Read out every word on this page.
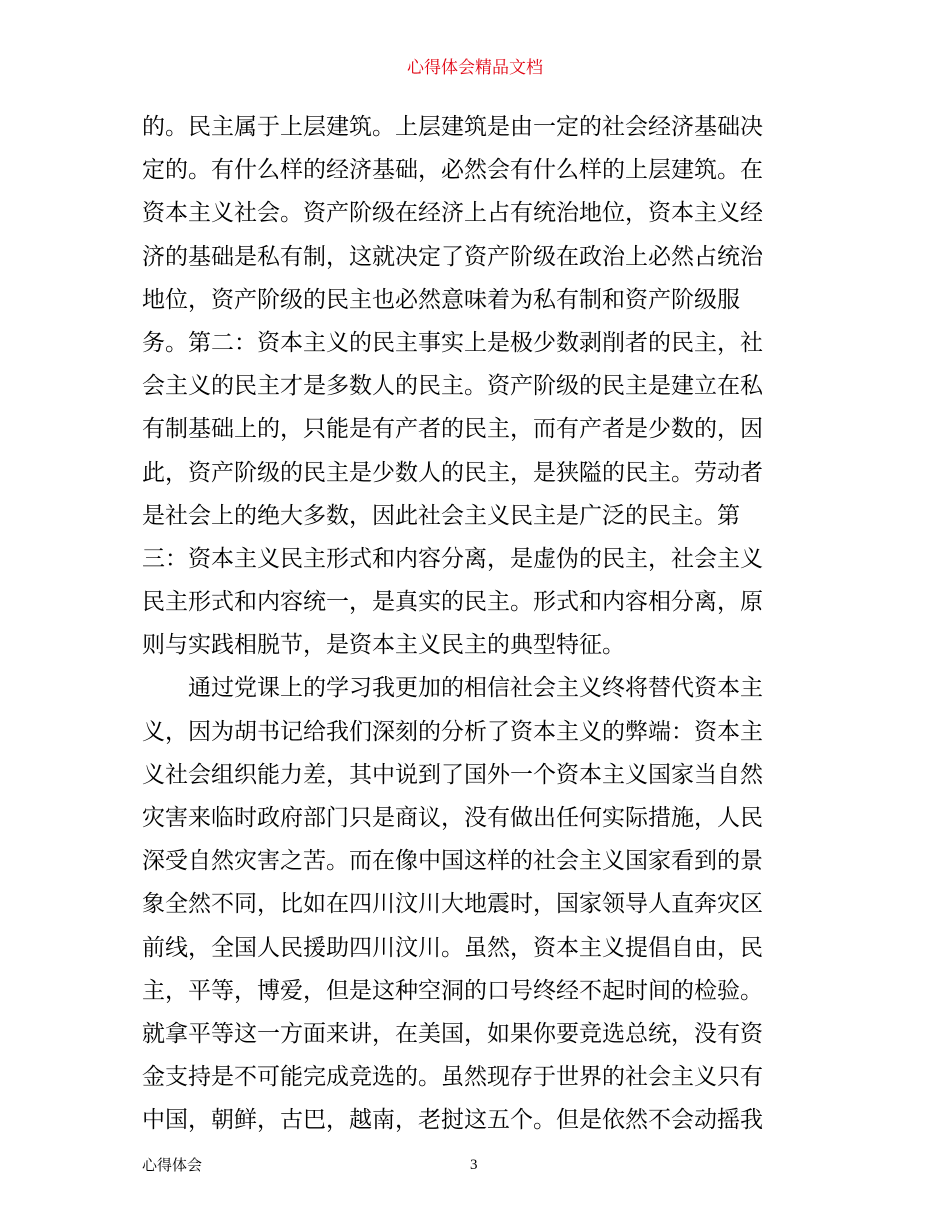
心得体会精品文档
的。民主属于上层建筑。上层建筑是由一定的社会经济基础决
定的。有什么样的经济基础，必然会有什么样的上层建筑。在
资本主义社会。资产阶级在经济上占有统治地位，资本主义经
济的基础是私有制，这就决定了资产阶级在政治上必然占统治
地位，资产阶级的民主也必然意味着为私有制和资产阶级服
务。第二：资本主义的民主事实上是极少数剥削者的民主，社
会主义的民主才是多数人的民主。资产阶级的民主是建立在私
有制基础上的，只能是有产者的民主，而有产者是少数的，因
此，资产阶级的民主是少数人的民主，是狭隘的民主。劳动者
是社会上的绝大多数，因此社会主义民主是广泛的民主。第
三：资本主义民主形式和内容分离，是虚伪的民主，社会主义
民主形式和内容统一，是真实的民主。形式和内容相分离，原
则与实践相脱节，是资本主义民主的典型特征。
　　通过党课上的学习我更加的相信社会主义终将替代资本主
义，因为胡书记给我们深刻的分析了资本主义的弊端：资本主
义社会组织能力差，其中说到了国外一个资本主义国家当自然
灾害来临时政府部门只是商议，没有做出任何实际措施，人民
深受自然灾害之苦。而在像中国这样的社会主义国家看到的景
象全然不同，比如在四川汶川大地震时，国家领导人直奔灾区
前线，全国人民援助四川汶川。虽然，资本主义提倡自由，民
主，平等，博爱，但是这种空洞的口号终经不起时间的检验。
就拿平等这一方面来讲，在美国，如果你要竞选总统，没有资
金支持是不可能完成竞选的。虽然现存于世界的社会主义只有
中国，朝鲜，古巴，越南，老挝这五个。但是依然不会动摇我
心得体会	3
